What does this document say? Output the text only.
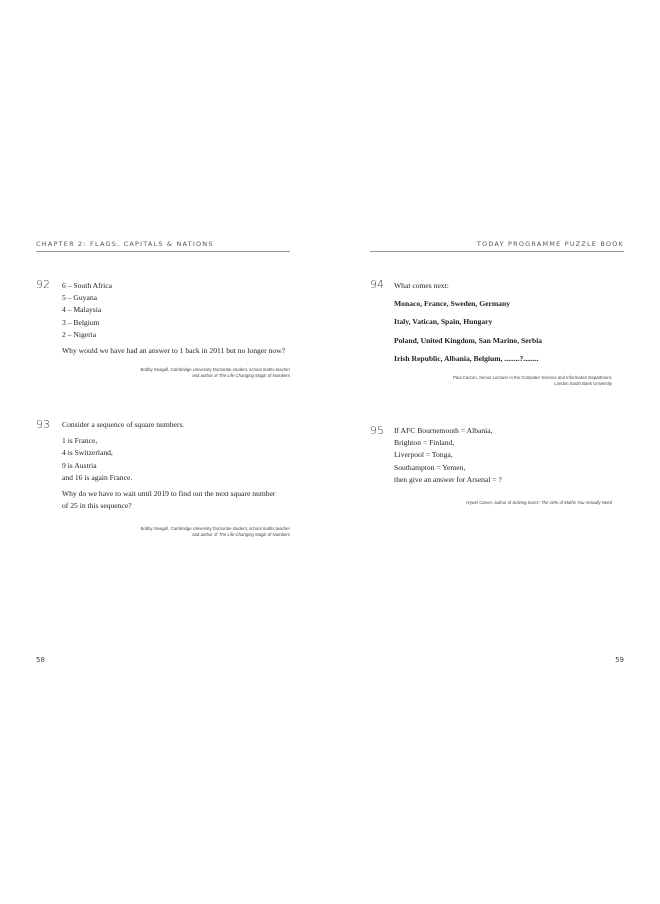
CHAPTER 2: FLAGS, CAPITALS & NATIONS
92 6 – South Africa
5 – Guyana
4 – Malaysia
3 – Belgium
2 – Nigeria
Why would we have had an answer to 1 back in 2011 but no longer now?
Bobby Seagull, Cambridge University Doctorate student, school maths teacher
and author of The Life Changing Magic of Numbers
93 Consider a sequence of square numbers.
1 is France,
4 is Switzerland,
9 is Austria
and 16 is again France.
Why do we have to wait until 2019 to find out the next square number
of 25 in this sequence?
Bobby Seagull, Cambridge University Doctorate student, school maths teacher
and author of The Life Changing Magic of Numbers
58
TODAY PROGRAMME PUZZLE BOOK
94 What comes next:
Monaco, France, Sweden, Germany
Italy, Vatican, Spain, Hungary
Poland, United Kingdom, San Marino, Serbia
Irish Republic, Albania, Belgium, ........?........
Paul Curzon, Senior Lecturer in the Computer Science and Informatics Department,
London South Bank University
95 If AFC Bournemouth = Albania,
Brighton = Finland,
Liverpool = Tonga,
Southampton = Yemen,
then give an answer for Arsenal = ?
Hywel Carver, author of Solving Sums: The 10% of Maths You Actually Need
59
